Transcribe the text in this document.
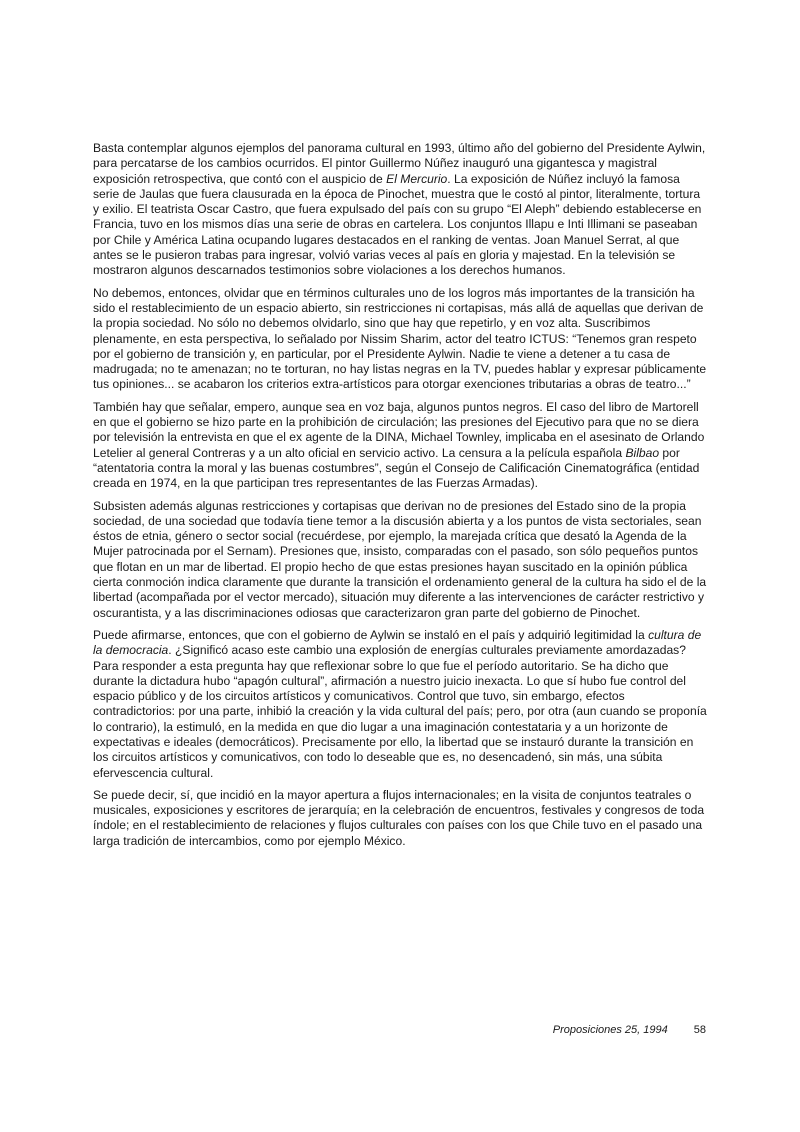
Basta contemplar algunos ejemplos del panorama cultural en 1993, último año del gobierno del Presidente Aylwin, para percatarse de los cambios ocurridos. El pintor Guillermo Núñez inauguró una gigantesca y magistral exposición retrospectiva, que contó con el auspicio de El Mercurio. La exposición de Núñez incluyó la famosa serie de Jaulas que fuera clausurada en la época de Pinochet, muestra que le costó al pintor, literalmente, tortura y exilio. El teatrista Oscar Castro, que fuera expulsado del país con su grupo “El Aleph” debiendo establecerse en Francia, tuvo en los mismos días una serie de obras en cartelera. Los conjuntos Illapu e Inti Illimani se paseaban por Chile y América Latina ocupando lugares destacados en el ranking de ventas. Joan Manuel Serrat, al que antes se le pusieron trabas para ingresar, volvió varias veces al país en gloria y majestad. En la televisión se mostraron algunos descarnados testimonios sobre violaciones a los derechos humanos.

No debemos, entonces, olvidar que en términos culturales uno de los logros más importantes de la transición ha sido el restablecimiento de un espacio abierto, sin restricciones ni cortapisas, más allá de aquellas que derivan de la propia sociedad. No sólo no debemos olvidarlo, sino que hay que repetirlo, y en voz alta. Suscribimos plenamente, en esta perspectiva, lo señalado por Nissim Sharim, actor del teatro ICTUS: “Tenemos gran respeto por el gobierno de transición y, en particular, por el Presidente Aylwin. Nadie te viene a detener a tu casa de madrugada; no te amenazan; no te torturan, no hay listas negras en la TV, puedes hablar y expresar públicamente tus opiniones... se acabaron los criterios extra-artísticos para otorgar exenciones tributarias a obras de teatro...”

También hay que señalar, empero, aunque sea en voz baja, algunos puntos negros. El caso del libro de Martorell en que el gobierno se hizo parte en la prohibición de circulación; las presiones del Ejecutivo para que no se diera por televisión la entrevista en que el ex agente de la DINA, Michael Townley, implicaba en el asesinato de Orlando Letelier al general Contreras y a un alto oficial en servicio activo. La censura a la película española Bilbao por “atentatoria contra la moral y las buenas costumbres”, según el Consejo de Calificación Cinematográfica (entidad creada en 1974, en la que participan tres representantes de las Fuerzas Armadas).

Subsisten además algunas restricciones y cortapisas que derivan no de presiones del Estado sino de la propia sociedad, de una sociedad que todavía tiene temor a la discusión abierta y a los puntos de vista sectoriales, sean éstos de etnia, género o sector social (recuérdese, por ejemplo, la marejada crítica que desató la Agenda de la Mujer patrocinada por el Sernam). Presiones que, insisto, comparadas con el pasado, son sólo pequeños puntos que flotan en un mar de libertad. El propio hecho de que estas presiones hayan suscitado en la opinión pública cierta conmoción indica claramente que durante la transición el ordenamiento general de la cultura ha sido el de la libertad (acompañada por el vector mercado), situación muy diferente a las intervenciones de carácter restrictivo y oscurantista, y a las discriminaciones odiosas que caracterizaron gran parte del gobierno de Pinochet.

Puede afirmarse, entonces, que con el gobierno de Aylwin se instaló en el país y adquirió legitimidad la cultura de la democracia. ¿Significó acaso este cambio una explosión de energías culturales previamente amordazadas? Para responder a esta pregunta hay que reflexionar sobre lo que fue el período autoritario. Se ha dicho que durante la dictadura hubo “apagón cultural”, afirmación a nuestro juicio inexacta. Lo que sí hubo fue control del espacio público y de los circuitos artísticos y comunicativos. Control que tuvo, sin embargo, efectos contradictorios: por una parte, inhibió la creación y la vida cultural del país; pero, por otra (aun cuando se proponía lo contrario), la estimuló, en la medida en que dio lugar a una imaginación contestataria y a un horizonte de expectativas e ideales (democráticos). Precisamente por ello, la libertad que se instauró durante la transición en los circuitos artísticos y comunicativos, con todo lo deseable que es, no desencadenó, sin más, una súbita efervescencia cultural.

Se puede decir, sí, que incidió en la mayor apertura a flujos internacionales; en la visita de conjuntos teatrales o musicales, exposiciones y escritores de jerarquía; en la celebración de encuentros, festivales y congresos de toda índole; en el restablecimiento de relaciones y flujos culturales con países con los que Chile tuvo en el pasado una larga tradición de intercambios, como por ejemplo México.

Proposiciones 25, 1994 58
